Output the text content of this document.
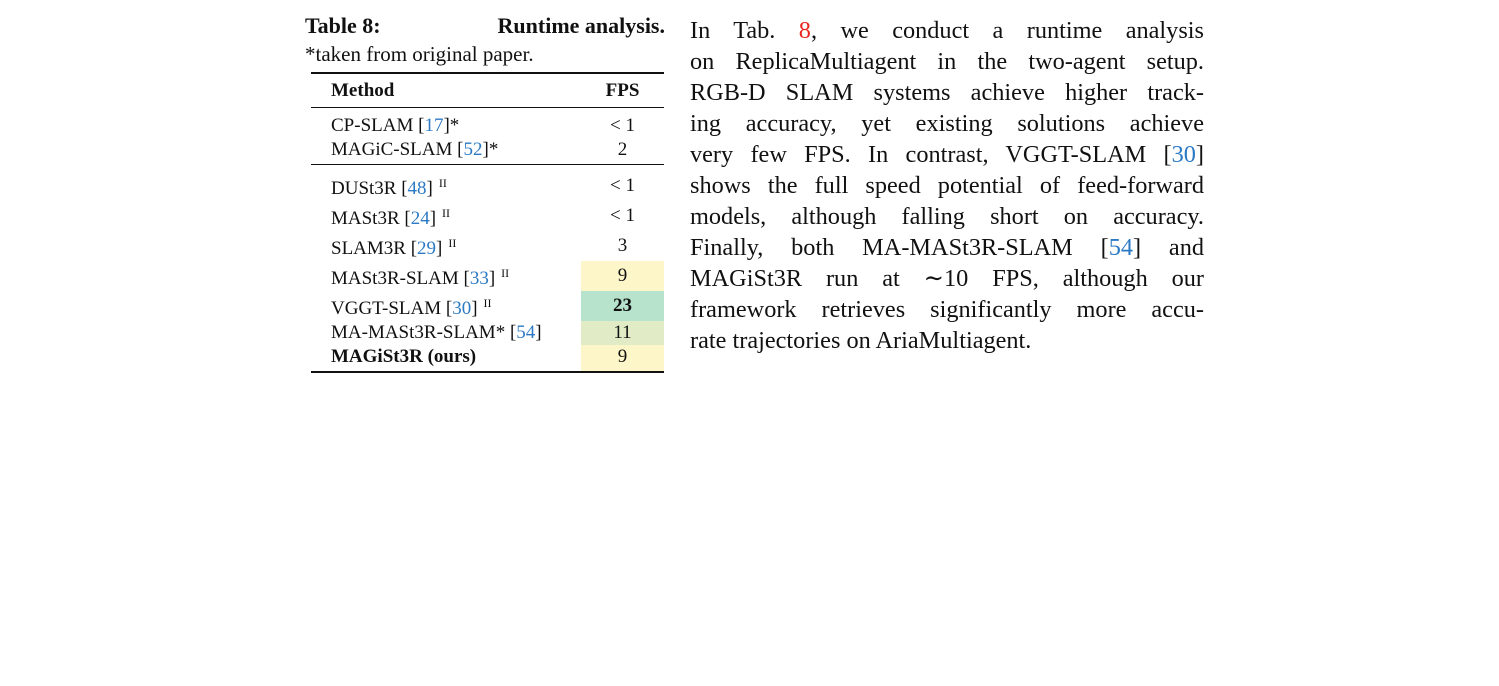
Table 8:	Runtime analysis.
*taken from original paper.
Method	FPS
CP-SLAM [17]*	< 1
MAGiC-SLAM [52]*	2
DUSt3R [48] $^{II}$	< 1
MASt3R [24] $^{II}$	< 1
SLAM3R [29] $^{II}$	3
MASt3R-SLAM [33] $^{II}$	9
VGGT-SLAM [30] $^{II}$	23
MA-MASt3R-SLAM* [54]	11
MAGiSt3R (ours)	9
In Tab. 8, we conduct a runtime analysis
on ReplicaMultiagent in the two-agent setup.
RGB-D SLAM systems achieve higher track-
ing accuracy, yet existing solutions achieve
very few FPS. In contrast, VGGT-SLAM [30]
shows the full speed potential of feed-forward
models, although falling short on accuracy.
Finally, both MA-MASt3R-SLAM [54] and
MAGiSt3R run at ∼10 FPS, although our
framework retrieves significantly more accu-
rate trajectories on AriaMultiagent.
